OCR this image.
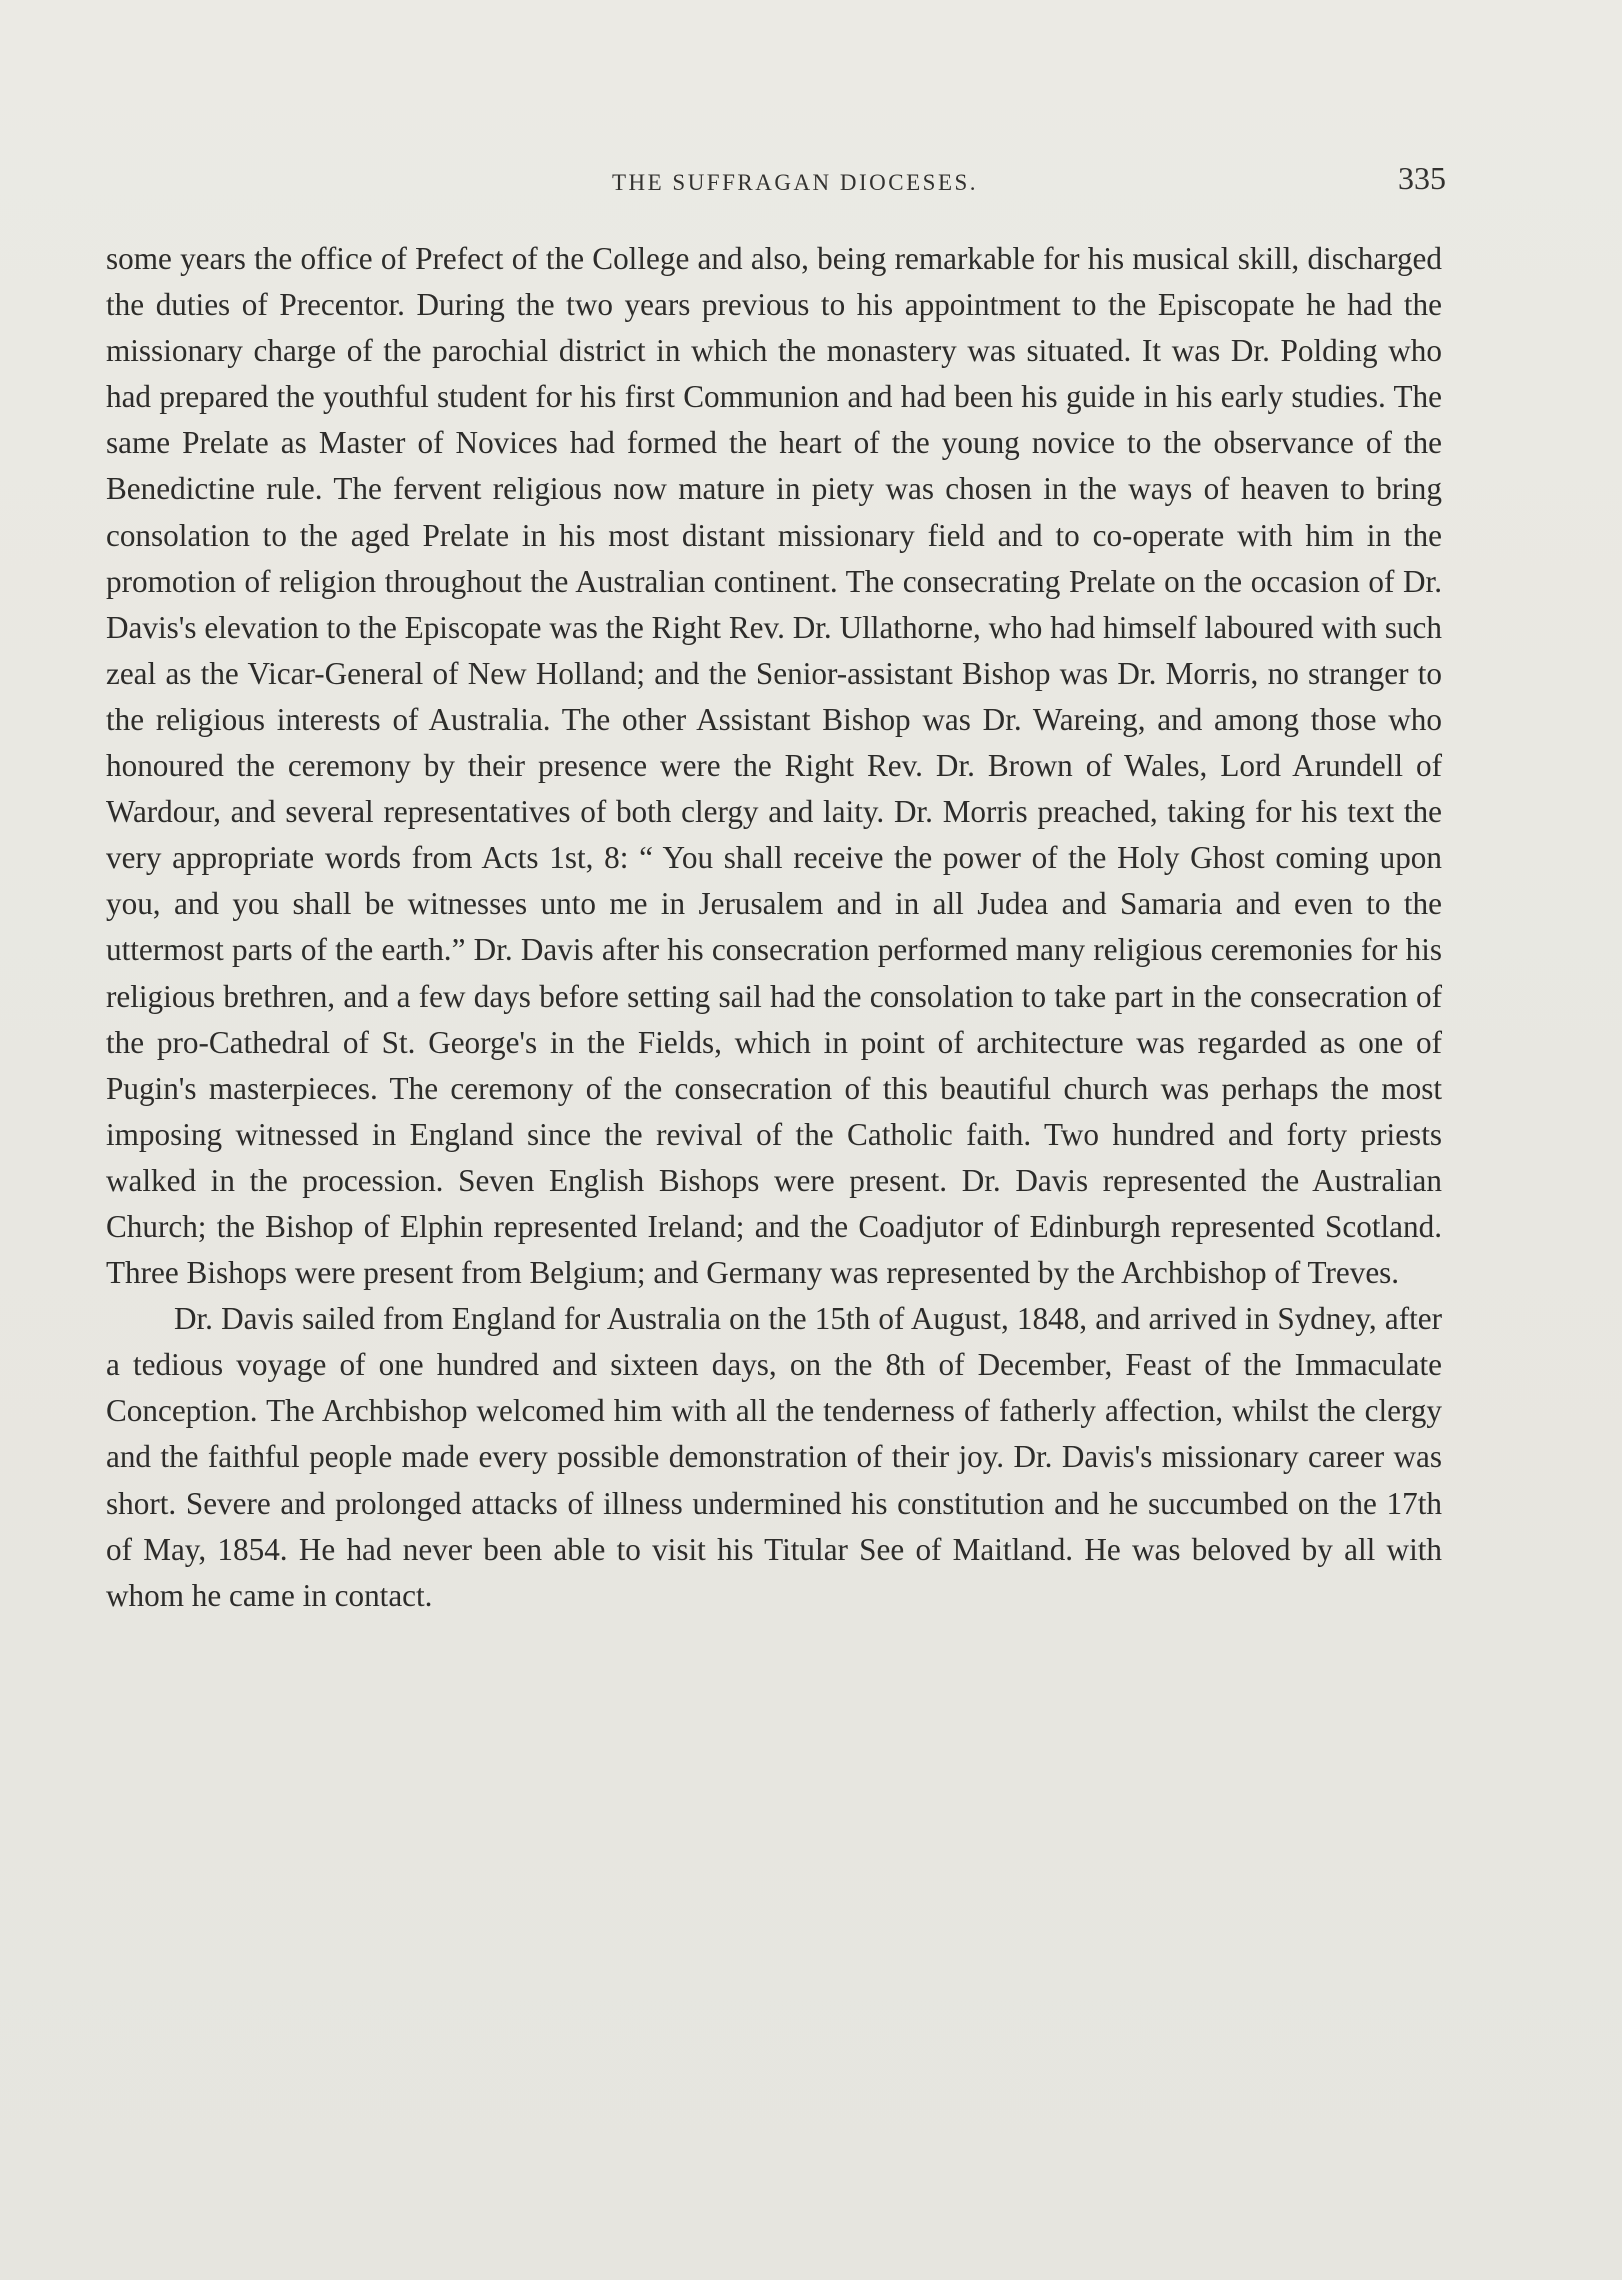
THE SUFFRAGAN DIOCESES.	335

some years the office of Prefect of the College and also, being remarkable for his musical skill, discharged the duties of Precentor. During the two years previous to his appointment to the Episcopate he had the missionary charge of the parochial district in which the monastery was situated. It was Dr. Polding who had prepared the youthful student for his first Communion and had been his guide in his early studies. The same Prelate as Master of Novices had formed the heart of the young novice to the observance of the Benedictine rule. The fervent religious now mature in piety was chosen in the ways of heaven to bring consolation to the aged Prelate in his most distant missionary field and to co-operate with him in the promotion of religion throughout the Australian continent. The consecrating Prelate on the occasion of Dr. Davis's elevation to the Episcopate was the Right Rev. Dr. Ullathorne, who had himself laboured with such zeal as the Vicar-General of New Holland; and the Senior-assistant Bishop was Dr. Morris, no stranger to the religious interests of Australia. The other Assistant Bishop was Dr. Wareing, and among those who honoured the ceremony by their presence were the Right Rev. Dr. Brown of Wales, Lord Arundell of Wardour, and several representatives of both clergy and laity. Dr. Morris preached, taking for his text the very appropriate words from Acts 1st, 8: “ You shall receive the power of the Holy Ghost coming upon you, and you shall be witnesses unto me in Jerusalem and in all Judea and Samaria and even to the uttermost parts of the earth.” Dr. Davis after his consecration performed many religious ceremonies for his religious brethren, and a few days before setting sail had the consolation to take part in the consecration of the pro-Cathedral of St. George's in the Fields, which in point of architecture was regarded as one of Pugin's masterpieces. The ceremony of the consecration of this beautiful church was perhaps the most imposing witnessed in England since the revival of the Catholic faith. Two hundred and forty priests walked in the procession. Seven English Bishops were present. Dr. Davis represented the Australian Church; the Bishop of Elphin represented Ireland; and the Coadjutor of Edinburgh represented Scotland. Three Bishops were present from Belgium; and Germany was represented by the Archbishop of Treves.

Dr. Davis sailed from England for Australia on the 15th of August, 1848, and arrived in Sydney, after a tedious voyage of one hundred and sixteen days, on the 8th of December, Feast of the Immaculate Conception. The Archbishop welcomed him with all the tenderness of fatherly affection, whilst the clergy and the faithful people made every possible demonstration of their joy. Dr. Davis's missionary career was short. Severe and prolonged attacks of illness undermined his constitution and he succumbed on the 17th of May, 1854. He had never been able to visit his Titular See of Maitland. He was beloved by all with whom he came in contact.
